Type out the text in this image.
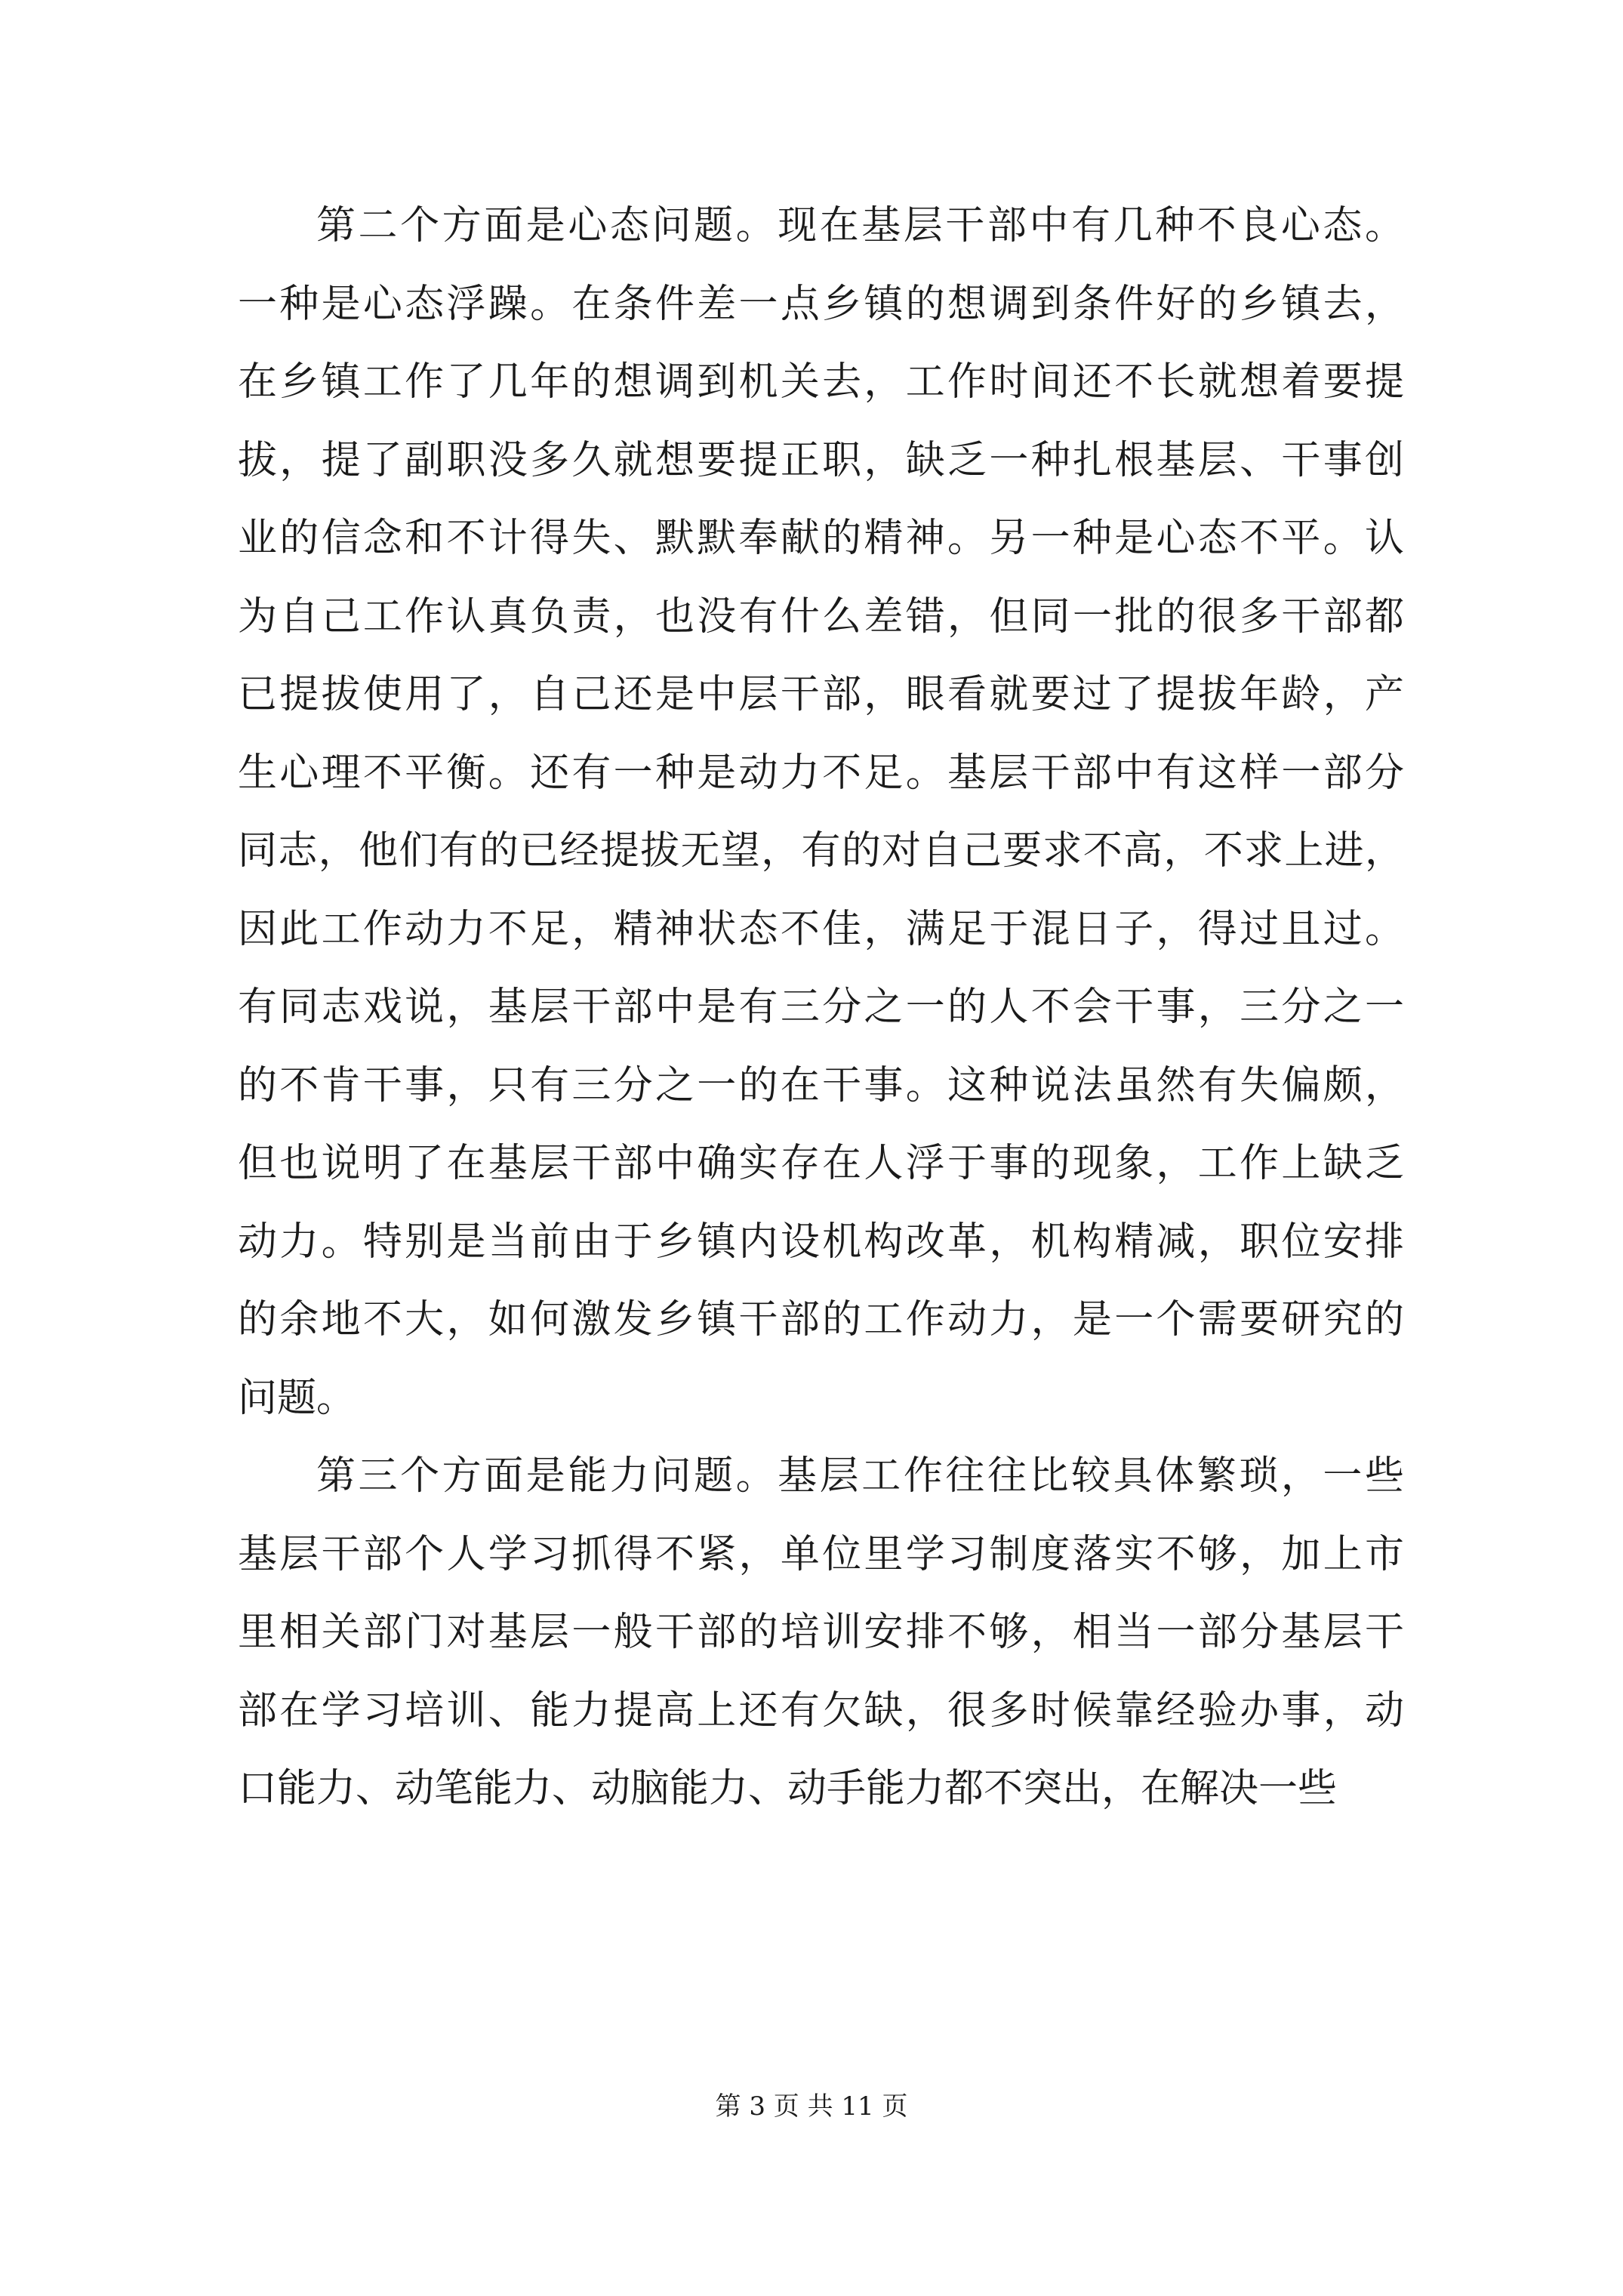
第二个方面是心态问题。现在基层干部中有几种不良心态。
一种是心态浮躁。在条件差一点乡镇的想调到条件好的乡镇去，
在乡镇工作了几年的想调到机关去，工作时间还不长就想着要提
拔，提了副职没多久就想要提正职，缺乏一种扎根基层、干事创
业的信念和不计得失、默默奉献的精神。另一种是心态不平。认
为自己工作认真负责，也没有什么差错，但同一批的很多干部都
已提拔使用了，自己还是中层干部，眼看就要过了提拔年龄，产
生心理不平衡。还有一种是动力不足。基层干部中有这样一部分
同志，他们有的已经提拔无望，有的对自己要求不高，不求上进，
因此工作动力不足，精神状态不佳，满足于混日子，得过且过。
有同志戏说，基层干部中是有三分之一的人不会干事，三分之一
的不肯干事，只有三分之一的在干事。这种说法虽然有失偏颇，
但也说明了在基层干部中确实存在人浮于事的现象，工作上缺乏
动力。特别是当前由于乡镇内设机构改革，机构精减，职位安排
的余地不大，如何激发乡镇干部的工作动力，是一个需要研究的
问题。
第三个方面是能力问题。基层工作往往比较具体繁琐，一些
基层干部个人学习抓得不紧，单位里学习制度落实不够，加上市
里相关部门对基层一般干部的培训安排不够，相当一部分基层干
部在学习培训、能力提高上还有欠缺，很多时候靠经验办事，动
口能力、动笔能力、动脑能力、动手能力都不突出，在解决一些
第 3 页 共 11 页
